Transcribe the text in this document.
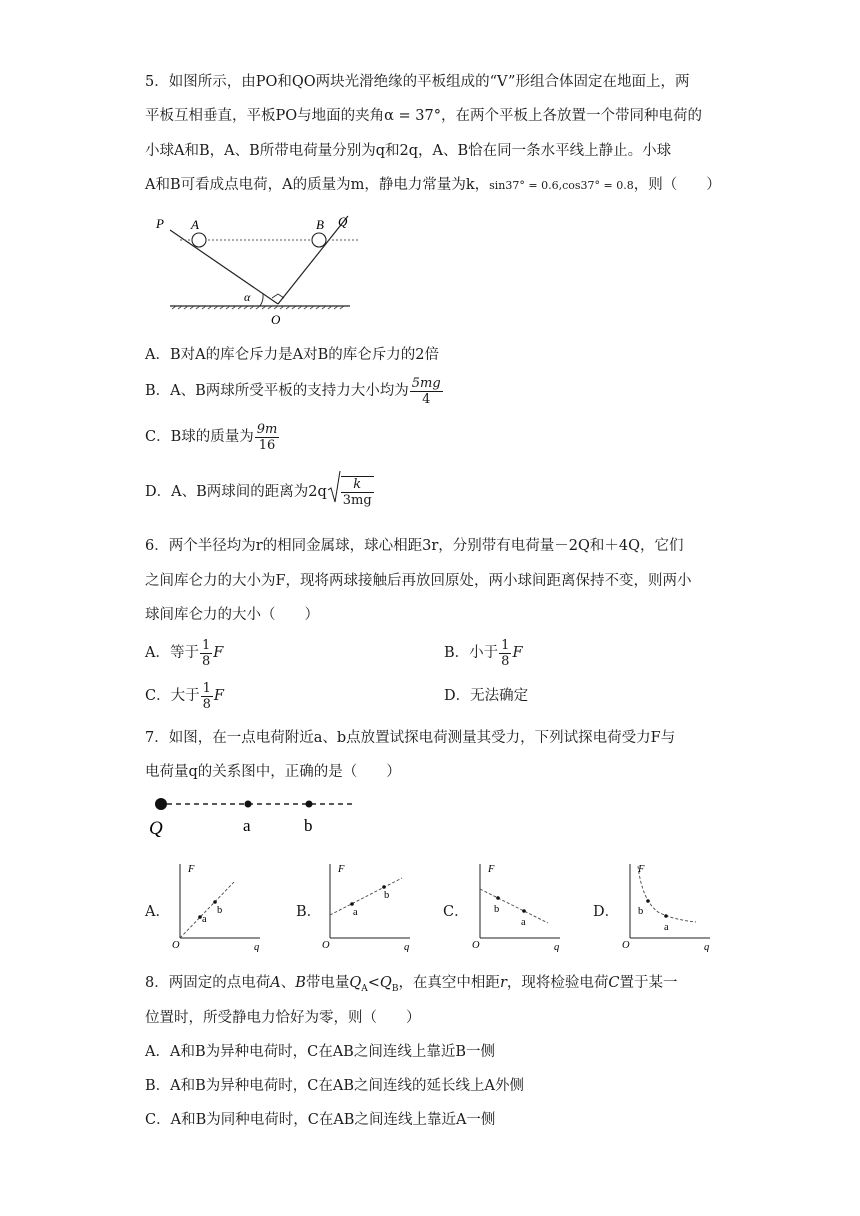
5．如图所示，由PO和QO两块光滑绝缘的平板组成的“V”形组合体固定在地面上，两
平板互相垂直，平板PO与地面的夹角α = 37°，在两个平板上各放置一个带同种电荷的
小球A和B，A、B所带电荷量分别为q和2q，A、B恰在同一条水平线上静止。小球
A和B可看成点电荷，A的质量为m，静电力常量为k，sin37° = 0.6,cos37° = 0.8，则（　　）
P A	B Q
α
O
A．B对A的库仑斥力是A对B的库仑斥力的2倍
B．A、B两球所受平板的支持力大小均为 $\frac{5mg}{4}$
C．B球的质量为 $\frac{9m}{16}$
D．A、B两球间的距离为$2q \frac{k}{3mg}$
6．两个半径均为r的相同金属球，球心相距3r，分别带有电荷量－2Q和＋4Q，它们
之间库仑力的大小为F，现将两球接触后再放回原处，两小球间距离保持不变，则两小
球间库仑力的大小（　　）
A．等于 $\frac{1}{8}$ F	B．小于 $\frac{1}{8}$ F
C．大于 $\frac{1}{8}$ F	D．无法确定
7．如图，在一点电荷附近a、b点放置试探电荷测量其受力，下列试探电荷受力F与
电荷量q的关系图中，正确的是（　　）
Q	a	b
A．	a
b
F
q
O
B．	a
b
F
q
O
C． b
a
F
q
O
D． b
a
F
q
O
8．两固定的点电荷A、B带电量$Q_A<Q_B$，在真空中相距r，现将检验电荷C置于某一
位置时，所受静电力恰好为零，则（　　）
A．A和B为异种电荷时，C在AB之间连线上靠近B一侧
B．A和B为异种电荷时，C在AB之间连线的延长线上A外侧
C．A和B为同种电荷时，C在AB之间连线上靠近A一侧
